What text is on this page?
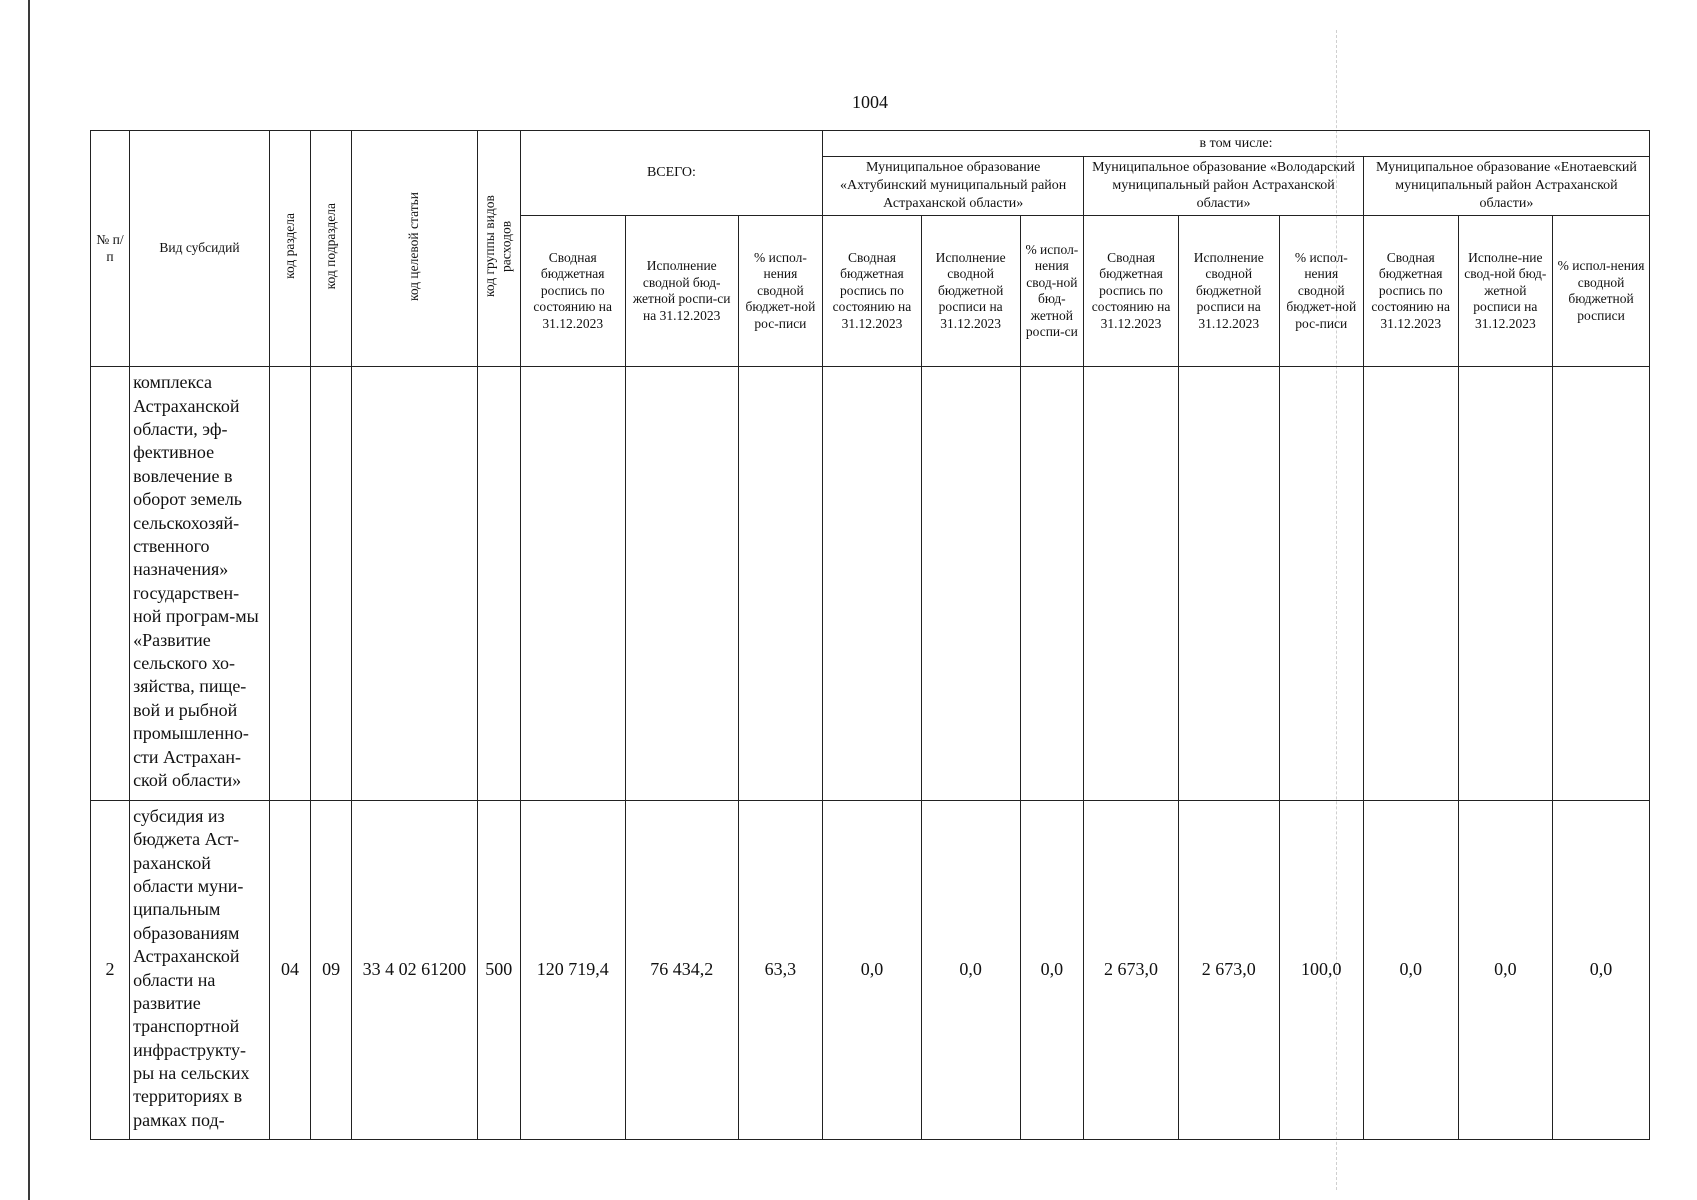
1004
№ п/п	Вид субсидий	код раздела	код подраздела	код целевой статьи	код группы видов расходов	ВСЕГО:			в том числе:								
									Муниципальное образование «Ахтубинский муниципальный район Астраханской области»			Муниципальное образование «Володарский муниципальный район Астраханской области»			Муниципальное образование «Енотаевский муниципальный район Астраханской области»		
						Сводная бюджетная роспись по состоянию на 31.12.2023	Исполнение сводной бюд-жетной роспи-си на 31.12.2023	% испол-нения сводной бюджет-ной рос-писи	Сводная бюджетная роспись по состоянию на 31.12.2023	Исполнение сводной бюджетной росписи на 31.12.2023	% испол-нения свод-ной бюд-жетной роспи-си	Сводная бюджетная роспись по состоянию на 31.12.2023	Исполнение сводной бюджетной росписи на 31.12.2023	% испол-нения сводной бюджет-ной рос-писи	Сводная бюджетная роспись по состоянию на 31.12.2023	Исполне-ние свод-ной бюд-жетной росписи на 31.12.2023	% испол-нения сводной бюджетной росписи
	комплекса Астраханской области, эф-фективное вовлечение в оборот земель сельскохозяй-ственного назначения» государствен-ной програм-мы «Развитие сельского хо-зяйства, пище-вой и рыбной промышленно-сти Астрахан-ской области»																
2	субсидия из бюджета Аст-раханской области муни-ципальным образованиям Астраханской области на развитие транспортной инфраструкту-ры на сельских территориях в рамках под-	04	09	33 4 02 61200	500	120 719,4	76 434,2	63,3	0,0	0,0	0,0	2 673,0	2 673,0	100,0	0,0	0,0	0,0
